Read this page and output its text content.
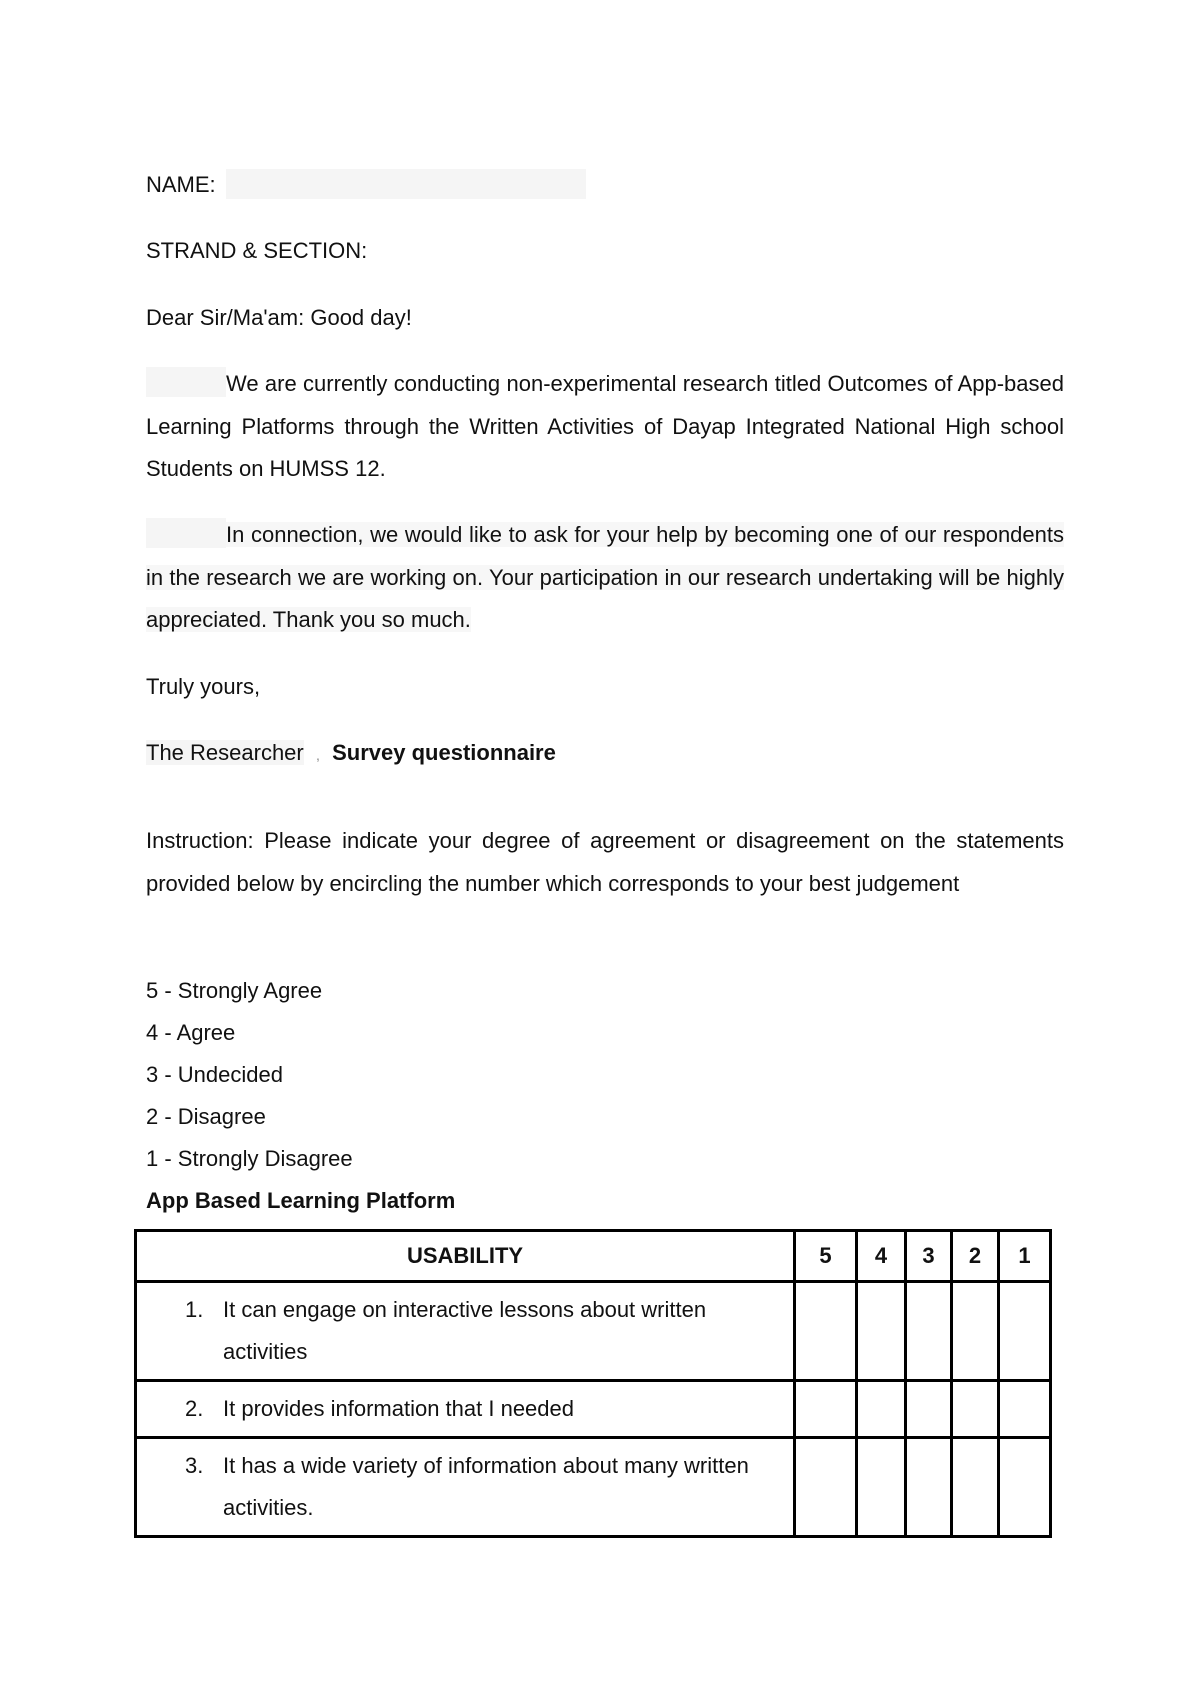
NAME:
STRAND & SECTION:
Dear Sir/Ma'am: Good day!
We are currently conducting non-experimental research titled Outcomes of App-based Learning Platforms through the Written Activities of Dayap Integrated National High school Students on HUMSS 12.
In connection, we would like to ask for your help by becoming one of our respondents in the research we are working on. Your participation in our research undertaking will be highly appreciated. Thank you so much.
Truly yours,
The Researcher , Survey questionnaire
Instruction: Please indicate your degree of agreement or disagreement on the statements provided below by encircling the number which corresponds to your best judgement
5 - Strongly Agree
4 - Agree
3 - Undecided
2 - Disagree
1 - Strongly Disagree
App Based Learning Platform
USABILITY	5	4	3	2	1

1. It can engage on interactive lessons about written activities					

2. It provides information that I needed					

3. It has a wide variety of information about many written activities.					
